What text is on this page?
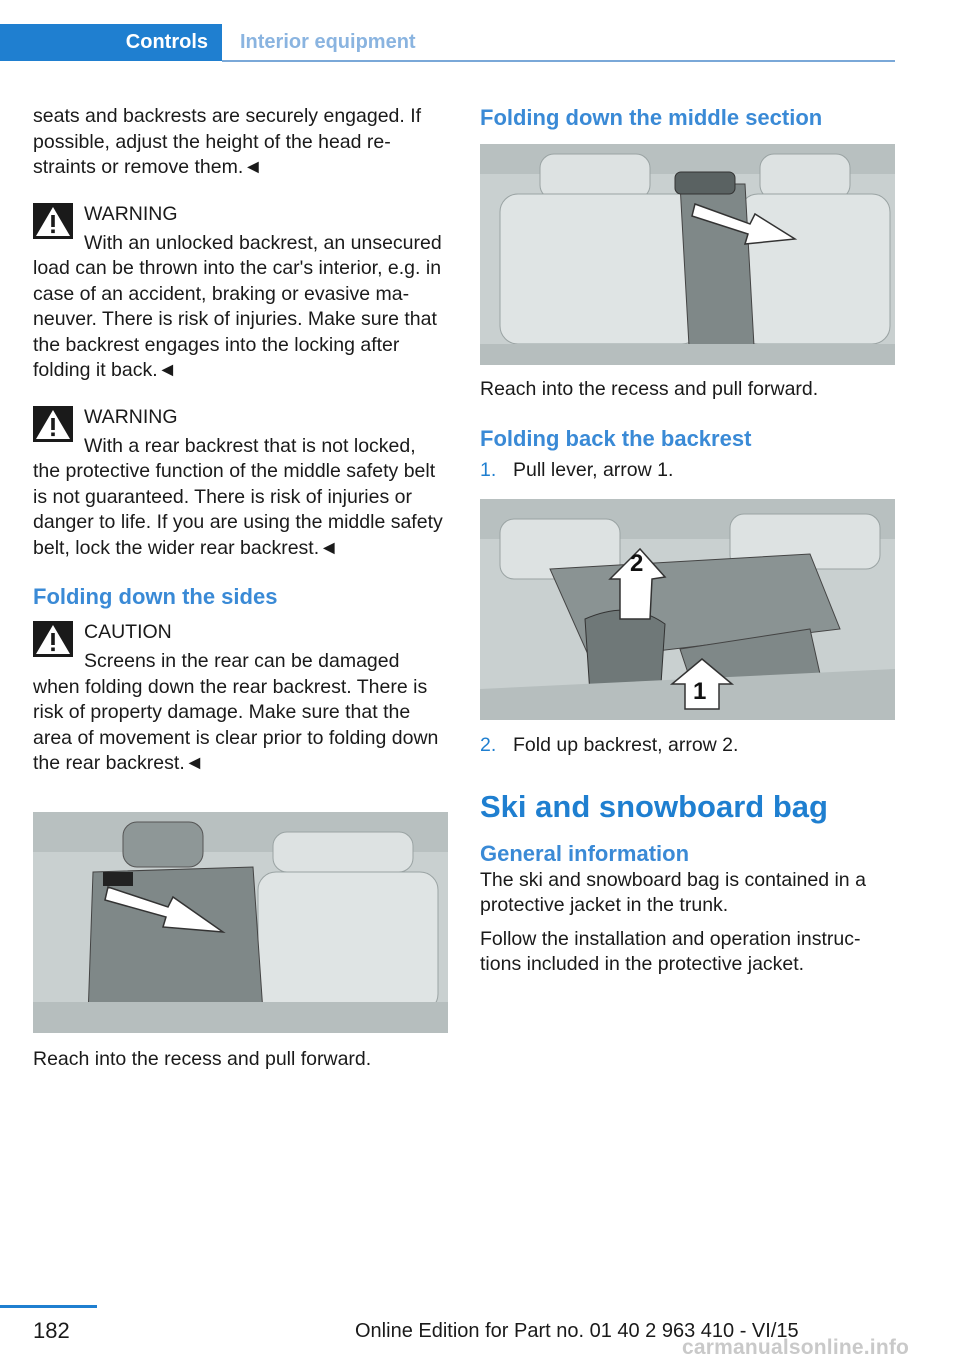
Controls	Interior equipment

seats and backrests are securely engaged. If possible, adjust the height of the head re‐straints or remove them.◄

WARNING

With an unlocked backrest, an unsecured load can be thrown into the car's interior, e.g. in case of an accident, braking or evasive ma‐neuver. There is risk of injuries. Make sure that the backrest engages into the locking after folding it back.◄

WARNING

With a rear backrest that is not locked, the protective function of the middle safety belt is not guaranteed. There is risk of injuries or danger to life. If you are using the middle safety belt, lock the wider rear backrest.◄

Folding down the sides
CAUTION

Screens in the rear can be damaged when folding down the rear backrest. There is risk of property damage. Make sure that the area of movement is clear prior to folding down the rear backrest.◄

Reach into the recess and pull forward.

Folding down the middle section

Reach into the recess and pull forward.

Folding back the backrest
1. Pull lever, arrow 1.
2
1
2. Fold up backrest, arrow 2.
Ski and snowboard bag
General information

The ski and snowboard bag is contained in a protective jacket in the trunk.

Follow the installation and operation instruc‐tions included in the protective jacket.

182	Online Edition for Part no. 01 40 2 963 410 - VI/15
carmanualsonline.info
